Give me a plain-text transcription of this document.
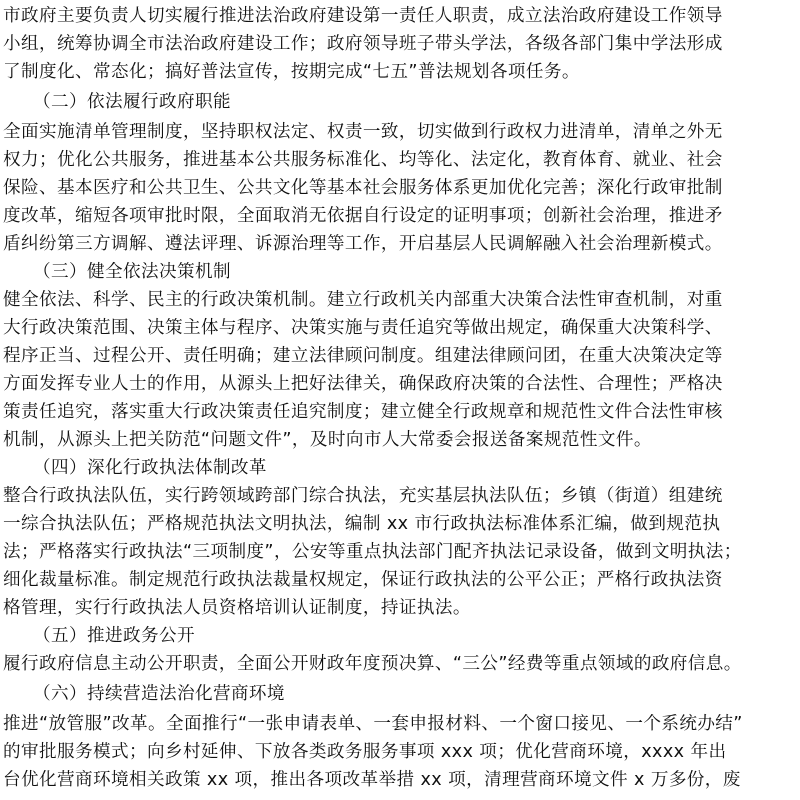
市政府主要负责人切实履行推进法治政府建设第一责任人职责，成立法治政府建设工作领导
小组，统筹协调全市法治政府建设工作；政府领导班子带头学法，各级各部门集中学法形成
了制度化、常态化；搞好普法宣传，按期完成“七五”普法规划各项任务。
（二）依法履行政府职能
全面实施清单管理制度，坚持职权法定、权责一致，切实做到行政权力进清单，清单之外无
权力；优化公共服务，推进基本公共服务标准化、均等化、法定化，教育体育、就业、社会
保险、基本医疗和公共卫生、公共文化等基本社会服务体系更加优化完善；深化行政审批制
度改革，缩短各项审批时限，全面取消无依据自行设定的证明事项；创新社会治理，推进矛
盾纠纷第三方调解、遵法评理、诉源治理等工作，开启基层人民调解融入社会治理新模式。
（三）健全依法决策机制
健全依法、科学、民主的行政决策机制。建立行政机关内部重大决策合法性审查机制，对重
大行政决策范围、决策主体与程序、决策实施与责任追究等做出规定，确保重大决策科学、
程序正当、过程公开、责任明确；建立法律顾问制度。组建法律顾问团，在重大决策决定等
方面发挥专业人士的作用，从源头上把好法律关，确保政府决策的合法性、合理性；严格决
策责任追究，落实重大行政决策责任追究制度；建立健全行政规章和规范性文件合法性审核
机制，从源头上把关防范“问题文件”，及时向市人大常委会报送备案规范性文件。
（四）深化行政执法体制改革
整合行政执法队伍，实行跨领域跨部门综合执法，充实基层执法队伍；乡镇（街道）组建统
一综合执法队伍；严格规范执法文明执法，编制 xx 市行政执法标准体系汇编，做到规范执
法；严格落实行政执法“三项制度”，公安等重点执法部门配齐执法记录设备，做到文明执法；
细化裁量标准。制定规范行政执法裁量权规定，保证行政执法的公平公正；严格行政执法资
格管理，实行行政执法人员资格培训认证制度，持证执法。
（五）推进政务公开
履行政府信息主动公开职责，全面公开财政年度预决算、“三公”经费等重点领域的政府信息。
（六）持续营造法治化营商环境
推进“放管服”改革。全面推行“一张申请表单、一套申报材料、一个窗口接见、一个系统办结”
的审批服务模式；向乡村延伸、下放各类政务服务事项 xxx 项；优化营商环境，xxxx 年出
台优化营商环境相关政策 xx 项，推出各项改革举措 xx 项，清理营商环境文件 x 万多份，废
